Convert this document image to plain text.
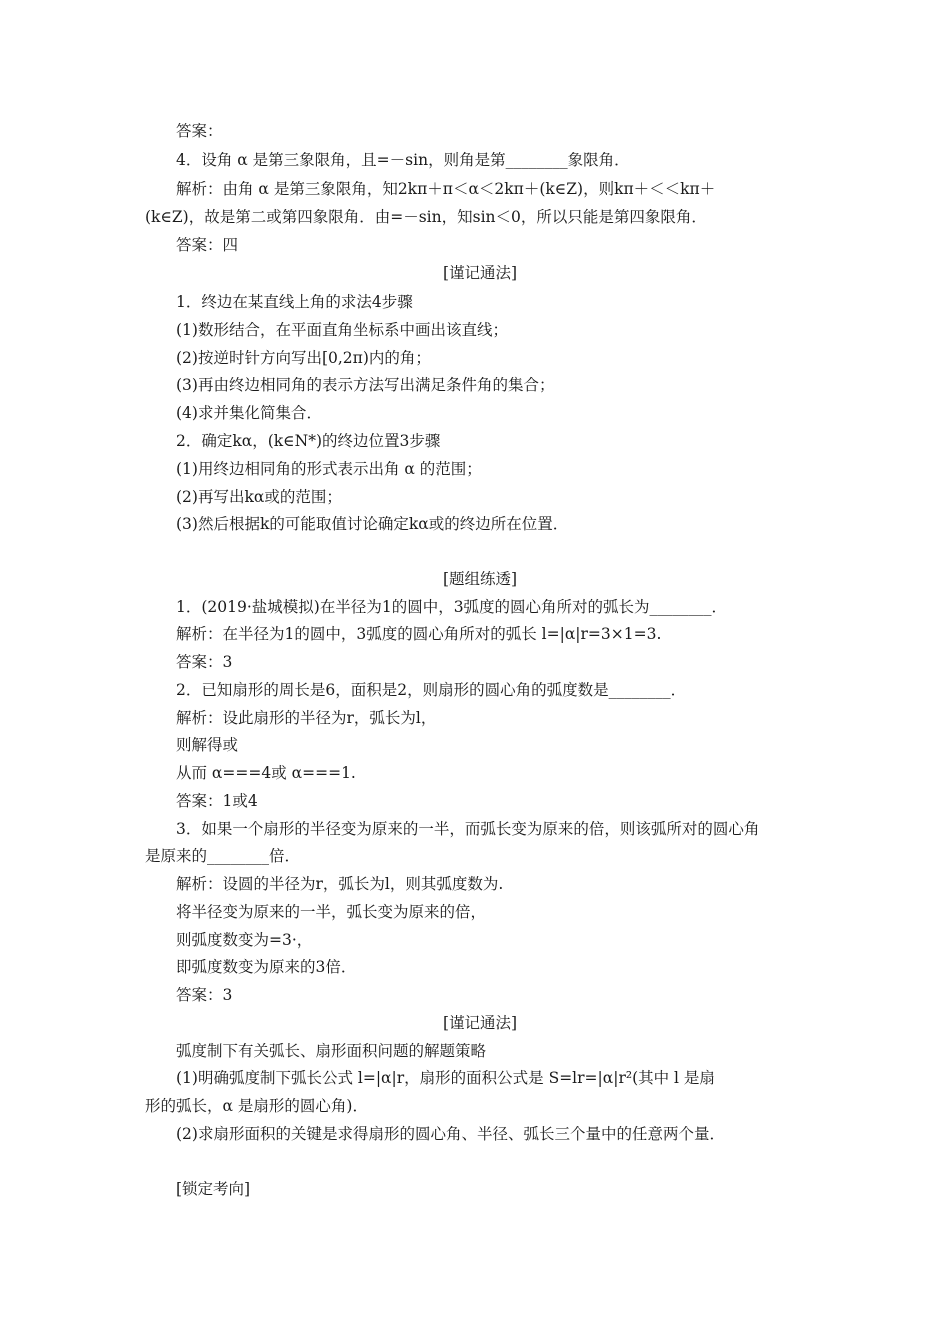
答案：
4．设角 α 是第三象限角，且=－sin，则角是第________象限角．
解析：由角 α 是第三象限角，知2kπ＋π＜α＜2kπ＋(k∈Z)，则kπ＋＜＜kπ＋
(k∈Z)，故是第二或第四象限角．由=－sin，知sin＜0，所以只能是第四象限角．
答案：四
[谨记通法]
1．终边在某直线上角的求法4步骤
(1)数形结合，在平面直角坐标系中画出该直线；
(2)按逆时针方向写出[0,2π)内的角；
(3)再由终边相同角的表示方法写出满足条件角的集合；
(4)求并集化简集合．
2．确定kα，(k∈N*)的终边位置3步骤
(1)用终边相同角的形式表示出角 α 的范围；
(2)再写出kα或的范围；
(3)然后根据k的可能取值讨论确定kα或的终边所在位置．
[题组练透]
1．(2019·盐城模拟)在半径为1的圆中，3弧度的圆心角所对的弧长为________．
解析：在半径为1的圆中，3弧度的圆心角所对的弧长 l=|α|r=3×1=3.
答案：3
2．已知扇形的周长是6，面积是2，则扇形的圆心角的弧度数是________．
解析：设此扇形的半径为r，弧长为l，
则解得或
从而 α===4或 α===1.
答案：1或4
3．如果一个扇形的半径变为原来的一半，而弧长变为原来的倍，则该弧所对的圆心角
是原来的________倍．
解析：设圆的半径为r，弧长为l，则其弧度数为.
将半径变为原来的一半，弧长变为原来的倍，
则弧度数变为=3·，
即弧度数变为原来的3倍．
答案：3
[谨记通法]
弧度制下有关弧长、扇形面积问题的解题策略
(1)明确弧度制下弧长公式 l=|α|r，扇形的面积公式是 S=lr=|α|r²(其中 l 是扇
形的弧长，α 是扇形的圆心角)．
(2)求扇形面积的关键是求得扇形的圆心角、半径、弧长三个量中的任意两个量．
[锁定考向]
